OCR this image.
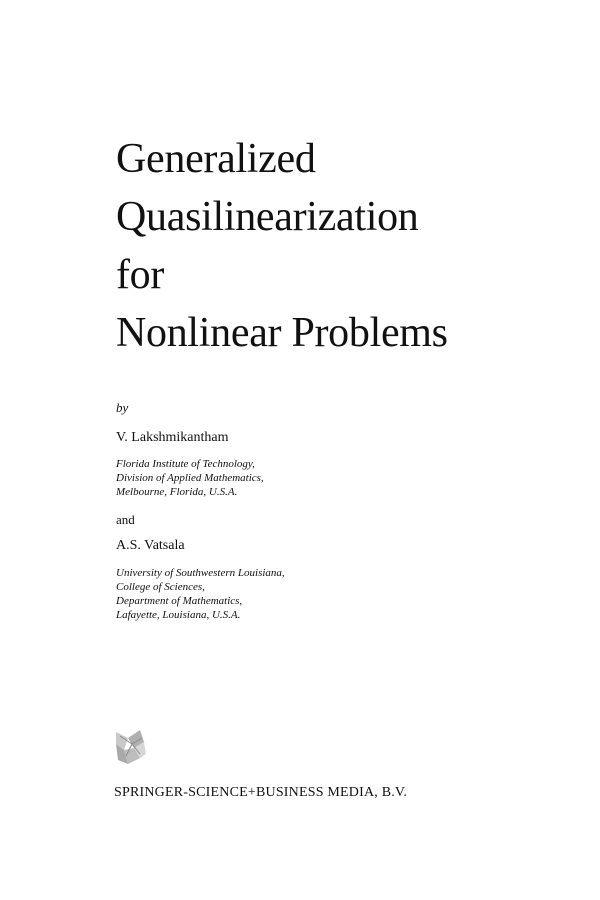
Generalized
Quasilinearization
for
Nonlinear Problems
by
V. Lakshmikantham
Florida Institute of Technology,
Division of Applied Mathematics,
Melbourne, Florida, U.S.A.
and
A.S. Vatsala
University of Southwestern Louisiana,
College of Sciences,
Department of Mathematics,
Lafayette, Louisiana, U.S.A.
SPRINGER-SCIENCE+BUSINESS MEDIA, B.V.
